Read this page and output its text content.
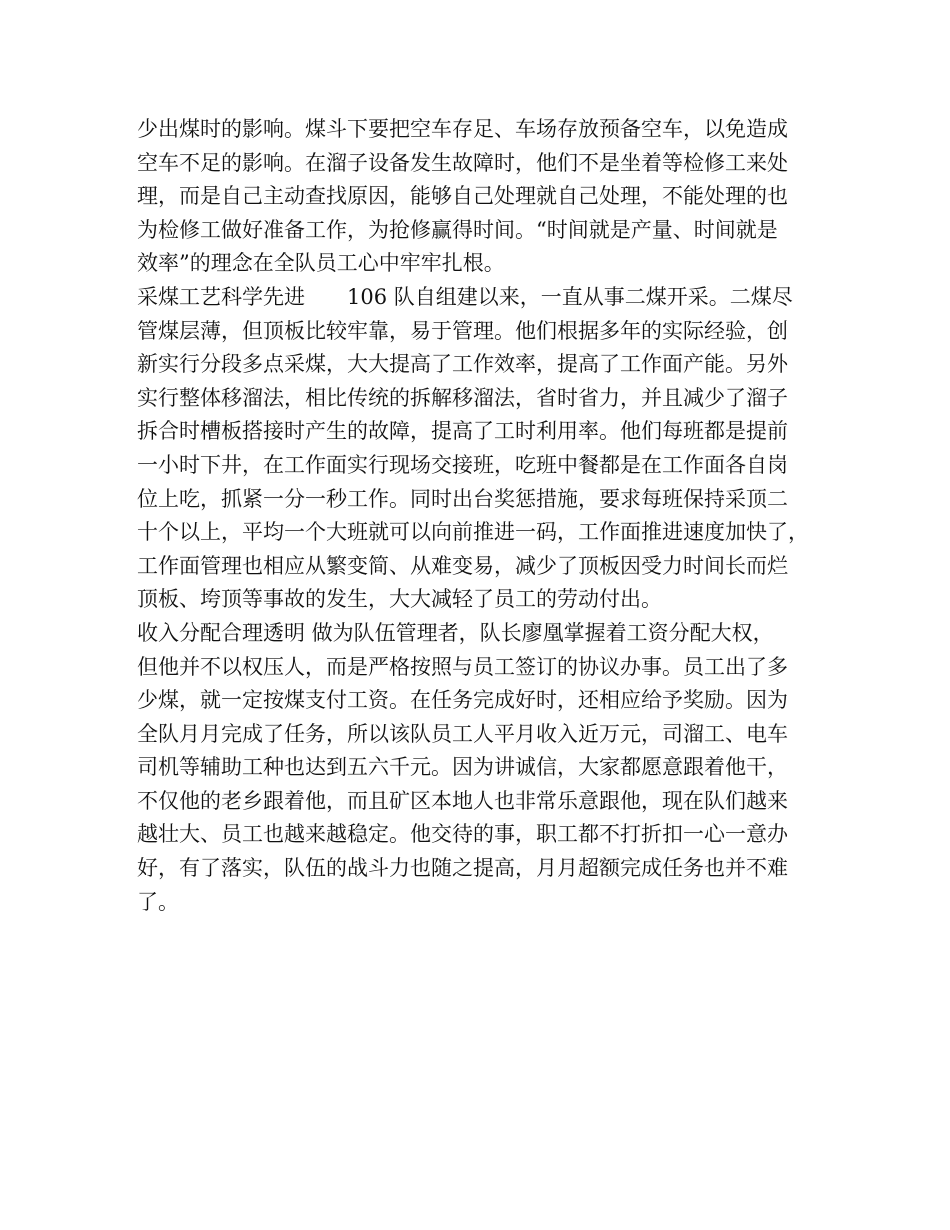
少出煤时的影响。煤斗下要把空车存足、车场存放预备空车，以免造成
空车不足的影响。在溜子设备发生故障时，他们不是坐着等检修工来处
理，而是自己主动查找原因，能够自己处理就自己处理，不能处理的也
为检修工做好准备工作，为抢修赢得时间。“时间就是产量、时间就是
效率”的理念在全队员工心中牢牢扎根。
采煤工艺科学先进　　106 队自组建以来，一直从事二煤开采。二煤尽
管煤层薄，但顶板比较牢靠，易于管理。他们根据多年的实际经验，创
新实行分段多点采煤，大大提高了工作效率，提高了工作面产能。另外
实行整体移溜法，相比传统的拆解移溜法，省时省力，并且减少了溜子
拆合时槽板搭接时产生的故障，提高了工时利用率。他们每班都是提前
一小时下井，在工作面实行现场交接班，吃班中餐都是在工作面各自岗
位上吃，抓紧一分一秒工作。同时出台奖惩措施，要求每班保持采顶二
十个以上，平均一个大班就可以向前推进一码，工作面推进速度加快了，
工作面管理也相应从繁变简、从难变易，减少了顶板因受力时间长而烂
顶板、垮顶等事故的发生，大大减轻了员工的劳动付出。
收入分配合理透明 做为队伍管理者，队长廖凰掌握着工资分配大权，
但他并不以权压人，而是严格按照与员工签订的协议办事。员工出了多
少煤，就一定按煤支付工资。在任务完成好时，还相应给予奖励。因为
全队月月完成了任务，所以该队员工人平月收入近万元，司溜工、电车
司机等辅助工种也达到五六千元。因为讲诚信，大家都愿意跟着他干，
不仅他的老乡跟着他，而且矿区本地人也非常乐意跟他，现在队们越来
越壮大、员工也越来越稳定。他交待的事，职工都不打折扣一心一意办
好，有了落实，队伍的战斗力也随之提高，月月超额完成任务也并不难
了。
